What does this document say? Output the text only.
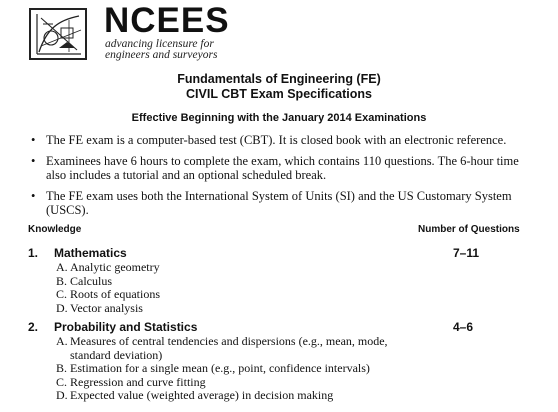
NCEES
advancing licensure for
engineers and surveyors
Fundamentals of Engineering (FE)
CIVIL CBT Exam Specifications
Effective Beginning with the January 2014 Examinations
• The FE exam is a computer-based test (CBT). It is closed book with an electronic reference.
• Examinees have 6 hours to complete the exam, which contains 110 questions. The 6-hour time also includes a tutorial and an optional scheduled break.
• The FE exam uses both the International System of Units (SI) and the US Customary System (USCS).
Knowledge	Number of Questions
1. Mathematics	7–11
A. Analytic geometry
B. Calculus
C. Roots of equations
D. Vector analysis
2. Probability and Statistics	4–6
A. Measures of central tendencies and dispersions (e.g., mean, mode, standard deviation)
B. Estimation for a single mean (e.g., point, confidence intervals)
C. Regression and curve fitting
D. Expected value (weighted average) in decision making
